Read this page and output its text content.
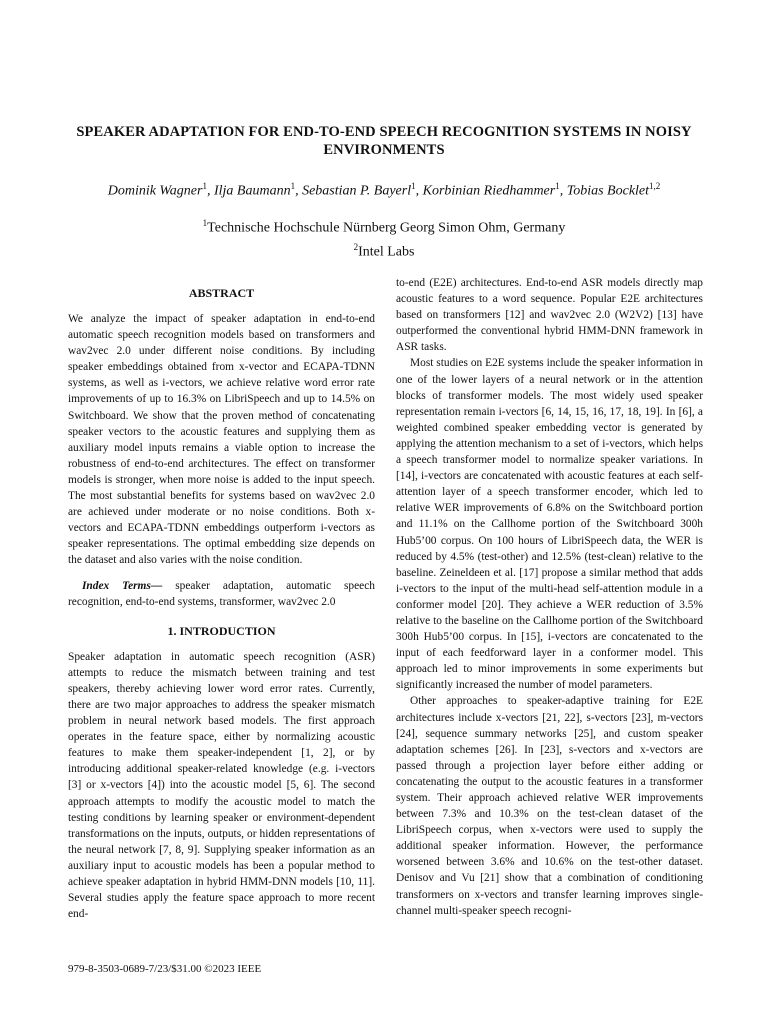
SPEAKER ADAPTATION FOR END-TO-END SPEECH RECOGNITION SYSTEMS IN NOISY ENVIRONMENTS
Dominik Wagner$^1$, Ilja Baumann$^1$, Sebastian P. Bayerl$^1$, Korbinian Riedhammer$^1$, Tobias Bocklet$^{1,2}$
$^1$Technische Hochschule Nürnberg Georg Simon Ohm, Germany
$^2$Intel Labs
ABSTRACT

We analyze the impact of speaker adaptation in end-to-end automatic speech recognition models based on transformers and wav2vec 2.0 under different noise conditions. By including speaker embeddings obtained from x-vector and ECAPA-TDNN systems, as well as i-vectors, we achieve relative word error rate improvements of up to 16.3% on LibriSpeech and up to 14.5% on Switchboard. We show that the proven method of concatenating speaker vectors to the acoustic features and supplying them as auxiliary model inputs remains a viable option to increase the robustness of end-to-end architectures. The effect on transformer models is stronger, when more noise is added to the input speech. The most substantial benefits for systems based on wav2vec 2.0 are achieved under moderate or no noise conditions. Both x-vectors and ECAPA-TDNN embeddings outperform i-vectors as speaker representations. The optimal embedding size depends on the dataset and also varies with the noise condition.

Index Terms— speaker adaptation, automatic speech recognition, end-to-end systems, transformer, wav2vec 2.0

1. INTRODUCTION

Speaker adaptation in automatic speech recognition (ASR) attempts to reduce the mismatch between training and test speakers, thereby achieving lower word error rates. Currently, there are two major approaches to address the speaker mismatch problem in neural network based models. The first approach operates in the feature space, either by normalizing acoustic features to make them speaker-independent [1, 2], or by introducing additional speaker-related knowledge (e.g. i-vectors [3] or x-vectors [4]) into the acoustic model [5, 6]. The second approach attempts to modify the acoustic model to match the testing conditions by learning speaker or environment-dependent transformations on the inputs, outputs, or hidden representations of the neural network [7, 8, 9]. Supplying speaker information as an auxiliary input to acoustic models has been a popular method to achieve speaker adaptation in hybrid HMM-DNN models [10, 11]. Several studies apply the feature space approach to more recent end-

to-end (E2E) architectures. End-to-end ASR models directly map acoustic features to a word sequence. Popular E2E architectures based on transformers [12] and wav2vec 2.0 (W2V2) [13] have outperformed the conventional hybrid HMM-DNN framework in ASR tasks.

Most studies on E2E systems include the speaker information in one of the lower layers of a neural network or in the attention blocks of transformer models. The most widely used speaker representation remain i-vectors [6, 14, 15, 16, 17, 18, 19]. In [6], a weighted combined speaker embedding vector is generated by applying the attention mechanism to a set of i-vectors, which helps a speech transformer model to normalize speaker variations. In [14], i-vectors are concatenated with acoustic features at each self-attention layer of a speech transformer encoder, which led to relative WER improvements of 6.8% on the Switchboard portion and 11.1% on the Callhome portion of the Switchboard 300h Hub5’00 corpus. On 100 hours of LibriSpeech data, the WER is reduced by 4.5% (test-other) and 12.5% (test-clean) relative to the baseline. Zeineldeen et al. [17] propose a similar method that adds i-vectors to the input of the multi-head self-attention module in a conformer model [20]. They achieve a WER reduction of 3.5% relative to the baseline on the Callhome portion of the Switchboard 300h Hub5’00 corpus. In [15], i-vectors are concatenated to the input of each feedforward layer in a conformer model. This approach led to minor improvements in some experiments but significantly increased the number of model parameters.

Other approaches to speaker-adaptive training for E2E architectures include x-vectors [21, 22], s-vectors [23], m-vectors [24], sequence summary networks [25], and custom speaker adaptation schemes [26]. In [23], s-vectors and x-vectors are passed through a projection layer before either adding or concatenating the output to the acoustic features in a transformer system. Their approach achieved relative WER improvements between 7.3% and 10.3% on the test-clean dataset of the LibriSpeech corpus, when x-vectors were used to supply the additional speaker information. However, the performance worsened between 3.6% and 10.6% on the test-other dataset. Denisov and Vu [21] show that a combination of conditioning transformers on x-vectors and transfer learning improves single-channel multi-speaker speech recogni-

979-8-3503-0689-7/23/$31.00 ©2023 IEEE
